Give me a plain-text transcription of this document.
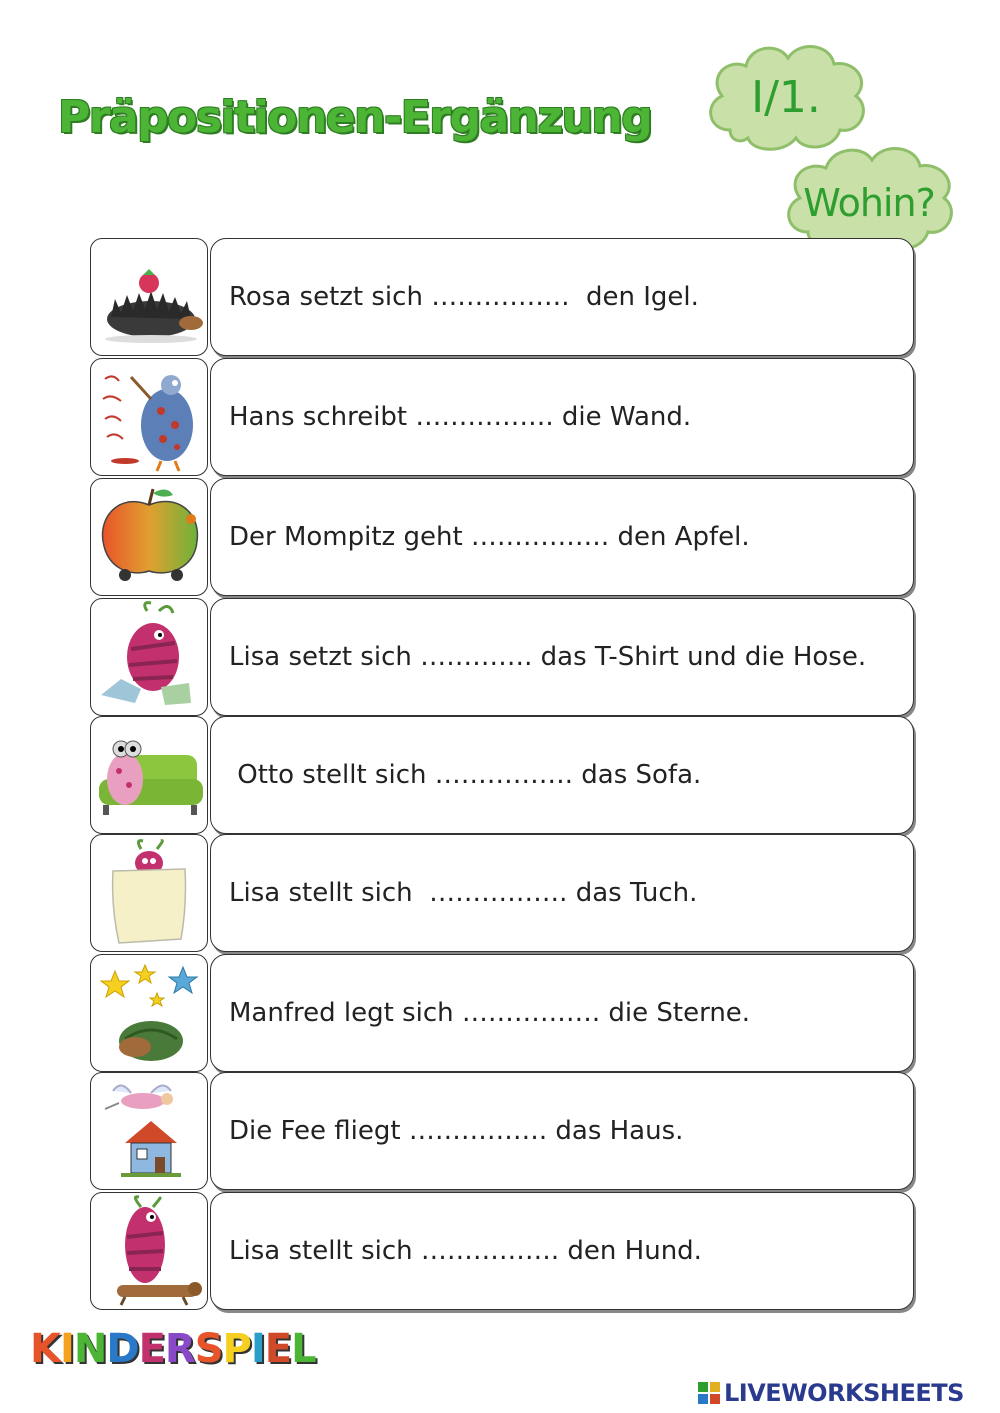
Präpositionen-Ergänzung	I/1.
Wohin?
Rosa setzt sich …………….  den Igel.
Hans schreibt ……………. die Wand.
Der Mompitz geht ……………. den Apfel.
Lisa setzt sich …………. das T-Shirt und die Hose.
Otto stellt sich ……………. das Sofa.
Lisa stellt sich  ……………. das Tuch.
Manfred legt sich ……………. die Sterne.
Die Fee fliegt ……………. das Haus.
Lisa stellt sich ……………. den Hund.
KINDERSPIEL
LIVEWORKSHEETS
